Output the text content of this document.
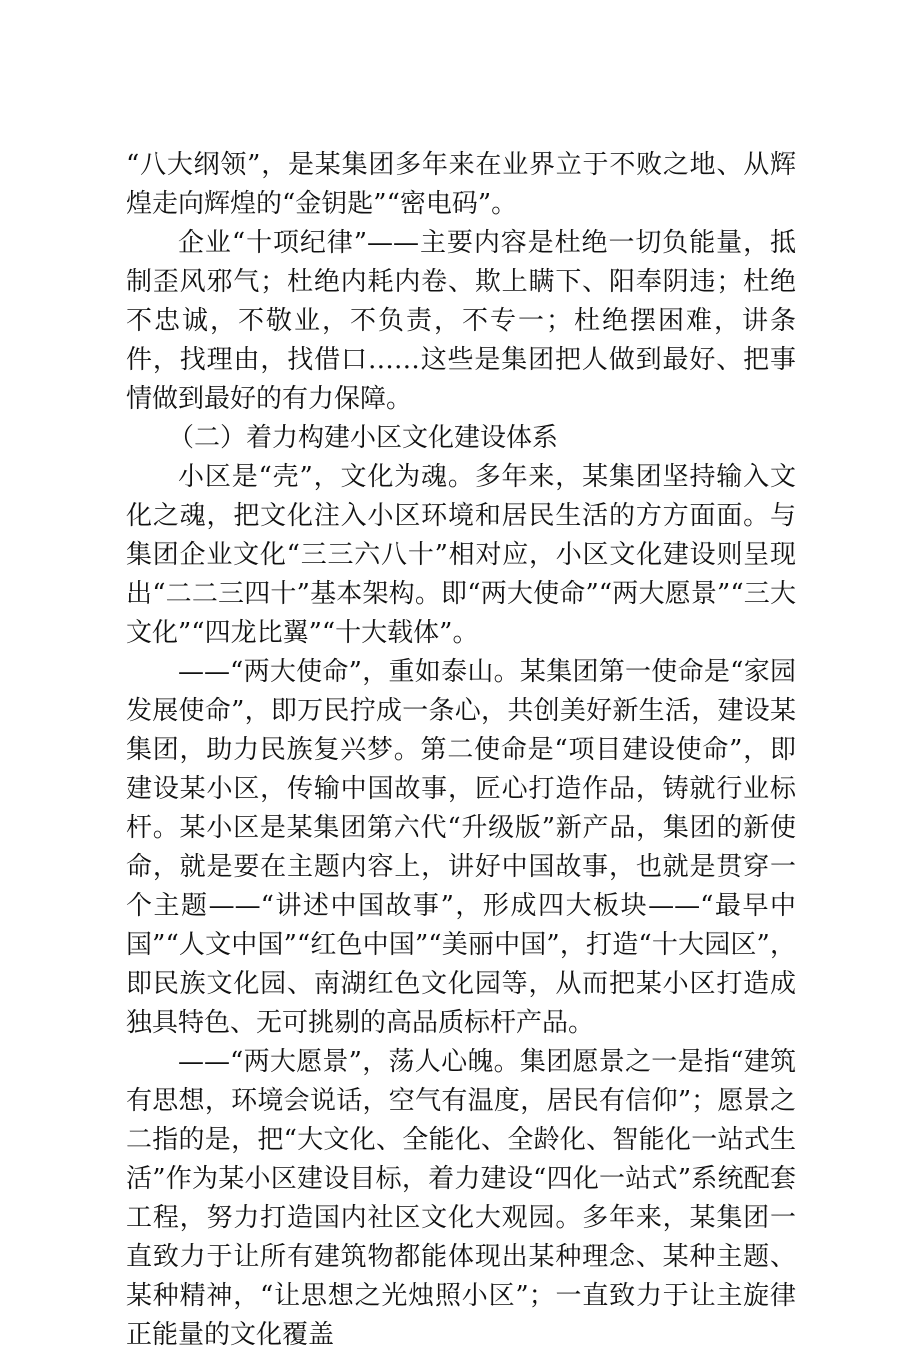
“八大纲领”，是某集团多年来在业界立于不败之地、从辉煌走向辉煌的“金钥匙”“密电码”。

企业“十项纪律”——主要内容是杜绝一切负能量，抵制歪风邪气；杜绝内耗内卷、欺上瞒下、阳奉阴违；杜绝不忠诚，不敬业，不负责，不专一；杜绝摆困难，讲条件，找理由，找借口……这些是集团把人做到最好、把事情做到最好的有力保障。

（二）着力构建小区文化建设体系

小区是“壳”，文化为魂。多年来，某集团坚持输入文化之魂，把文化注入小区环境和居民生活的方方面面。与集团企业文化“三三六八十”相对应，小区文化建设则呈现出“二二三四十”基本架构。即“两大使命”“两大愿景”“三大文化”“四龙比翼”“十大载体”。

——“两大使命”，重如泰山。某集团第一使命是“家园发展使命”，即万民拧成一条心，共创美好新生活，建设某集团，助力民族复兴梦。第二使命是“项目建设使命”，即建设某小区，传输中国故事，匠心打造作品，铸就行业标杆。某小区是某集团第六代“升级版”新产品，集团的新使命，就是要在主题内容上，讲好中国故事，也就是贯穿一个主题——“讲述中国故事”，形成四大板块——“最早中国”“人文中国”“红色中国”“美丽中国”，打造“十大园区”，即民族文化园、南湖红色文化园等，从而把某小区打造成独具特色、无可挑剔的高品质标杆产品。

——“两大愿景”，荡人心魄。集团愿景之一是指“建筑有思想，环境会说话，空气有温度，居民有信仰”；愿景之二指的是，把“大文化、全能化、全龄化、智能化一站式生活”作为某小区建设目标，着力建设“四化一站式”系统配套工程，努力打造国内社区文化大观园。多年来，某集团一直致力于让所有建筑物都能体现出某种理念、某种主题、某种精神，“让思想之光烛照小区”；一直致力于让主旋律正能量的文化覆盖
